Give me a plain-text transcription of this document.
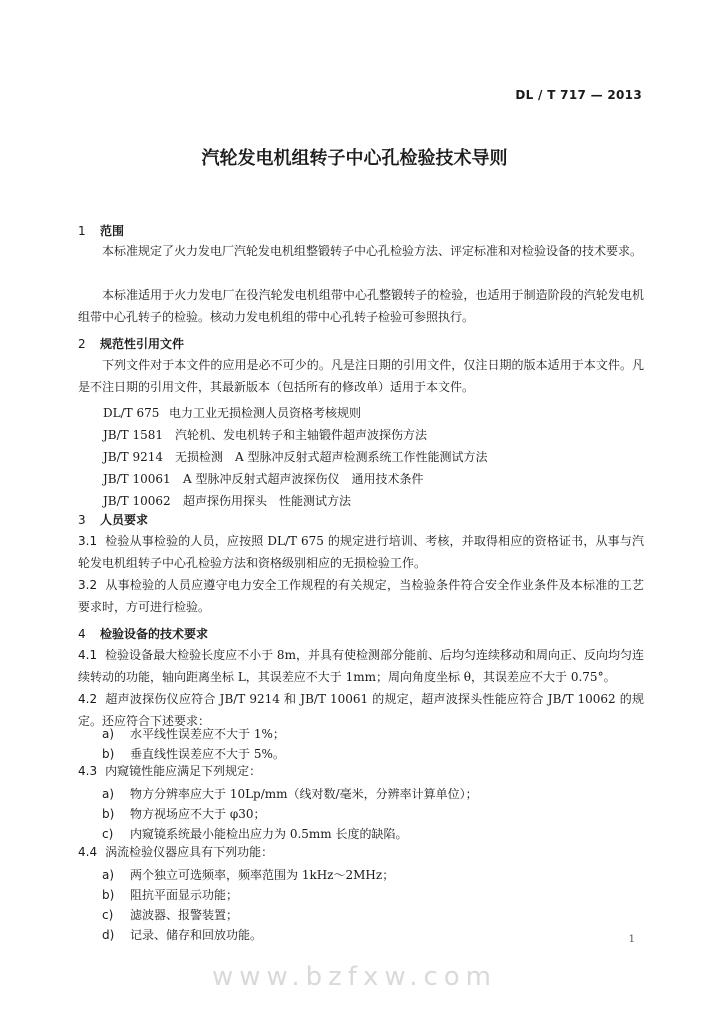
DL / T 717 — 2013
汽轮发电机组转子中心孔检验技术导则
1 范围
本标准规定了火力发电厂汽轮发电机组整锻转子中心孔检验方法、评定标准和对检验设备的技术要求。
本标准适用于火力发电厂在役汽轮发电机组带中心孔整锻转子的检验，也适用于制造阶段的汽轮发电机组带中心孔转子的检验。核动力发电机组的带中心孔转子检验可参照执行。
2 规范性引用文件
下列文件对于本文件的应用是必不可少的。凡是注日期的引用文件，仅注日期的版本适用于本文件。凡是不注日期的引用文件，其最新版本（包括所有的修改单）适用于本文件。
DL/T 675 电力工业无损检测人员资格考核规则
JB/T 1581 汽轮机、发电机转子和主轴锻件超声波探伤方法
JB/T 9214 无损检测　A 型脉冲反射式超声检测系统工作性能测试方法
JB/T 10061 A 型脉冲反射式超声波探伤仪　通用技术条件
JB/T 10062 超声探伤用探头　性能测试方法
3 人员要求
3.1 检验从事检验的人员，应按照 DL/T 675 的规定进行培训、考核，并取得相应的资格证书，从事与汽轮发电机组转子中心孔检验方法和资格级别相应的无损检验工作。
3.2 从事检验的人员应遵守电力安全工作规程的有关规定，当检验条件符合安全作业条件及本标准的工艺要求时，方可进行检验。
4 检验设备的技术要求
4.1 检验设备最大检验长度应不小于 8m，并具有使检测部分能前、后均匀连续移动和周向正、反向均匀连续转动的功能，轴向距离坐标 L，其误差应不大于 1mm；周向角度坐标 θ，其误差应不大于 0.75°。
4.2 超声波探伤仪应符合 JB/T 9214 和 JB/T 10061 的规定，超声波探头性能应符合 JB/T 10062 的规定。还应符合下述要求：
a) 水平线性误差应不大于 1%；
b) 垂直线性误差应不大于 5%。
4.3 内窥镜性能应满足下列规定：
a) 物方分辨率应大于 10Lp/mm（线对数/毫米，分辨率计算单位）；
b) 物方视场应不大于 φ30；
c) 内窥镜系统最小能检出应力为 0.5mm 长度的缺陷。
4.4 涡流检验仪器应具有下列功能：
a) 两个独立可选频率，频率范围为 1kHz～2MHz；
b) 阻抗平面显示功能；
c) 滤波器、报警装置；
d) 记录、储存和回放功能。	1
www.bzfxw.com
